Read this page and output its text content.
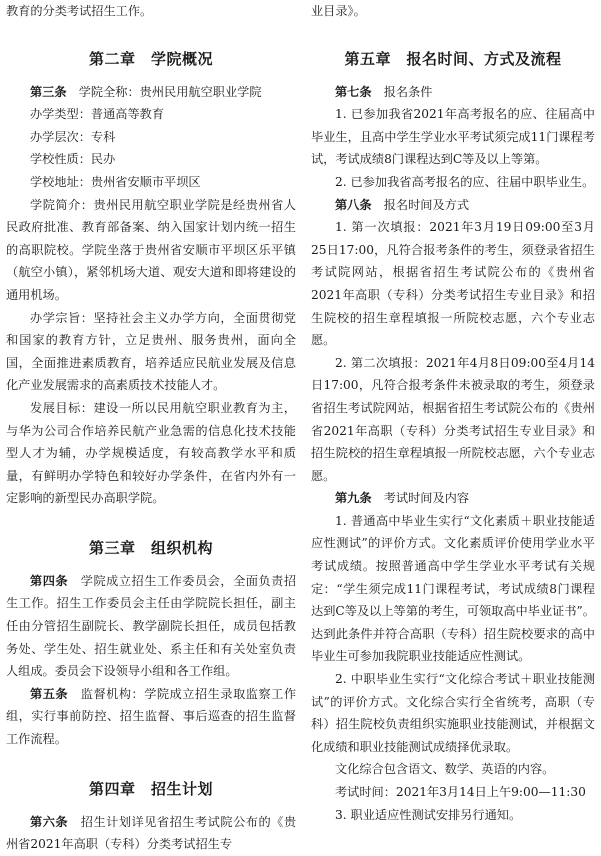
教育的分类考试招生工作。

第二章　学院概况

第三条　 学院全称：贵州民用航空职业学院

办学类型：普通高等教育

办学层次：专科

学校性质：民办

学校地址：贵州省安顺市平坝区

学院简介：贵州民用航空职业学院是经贵州省人民政府批准、教育部备案、纳入国家计划内统一招生的高职院校。学院坐落于贵州省安顺市平坝区乐平镇（航空小镇），紧邻机场大道、观安大道和即将建设的通用机场。

办学宗旨：坚持社会主义办学方向，全面贯彻党和国家的教育方针，立足贵州、服务贵州，面向全国，全面推进素质教育，培养适应民航业发展及信息化产业发展需求的高素质技术技能人才。

发展目标：建设一所以民用航空职业教育为主，与华为公司合作培养民航产业急需的信息化技术技能型人才为辅，办学规模适度，有较高教学水平和质量，有鲜明办学特色和较好办学条件，在省内外有一定影响的新型民办高职学院。

第三章　组织机构

第四条　 学院成立招生工作委员会，全面负责招生工作。招生工作委员会主任由学院院长担任，副主任由分管招生副院长、教学副院长担任，成员包括教务处、学生处、招生就业处、系主任和有关处室负责人组成。委员会下设领导小组和各工作组。

第五条　 监督机构：学院成立招生录取监察工作组，实行事前防控、招生监督、事后巡查的招生监督工作流程。

第四章　招生计划

第六条　 招生计划详见省招生考试院公布的《贵州省2021年高职（专科）分类考试招生专

业目录》。

第五章　报名时间、方式及流程

第七条　 报名条件

1. 已参加我省2021年高考报名的应、往届高中毕业生，且高中学生学业水平考试须完成11门课程考试，考试成绩8门课程达到C等及以上等第。

2. 已参加我省高考报名的应、往届中职毕业生。

第八条　 报名时间及方式

1. 第一次填报：2021年3月19日09:00至3月25日17:00，凡符合报考条件的考生，须登录省招生考试院网站，根据省招生考试院公布的《贵州省2021年高职（专科）分类考试招生专业目录》和招生院校的招生章程填报一所院校志愿，六个专业志愿。

2. 第二次填报：2021年4月8日09:00至4月14日17:00，凡符合报考条件未被录取的考生，须登录省招生考试院网站，根据省招生考试院公布的《贵州省2021年高职（专科）分类考试招生专业目录》和招生院校的招生章程填报一所院校志愿，六个专业志愿。

第九条　 考试时间及内容

1. 普通高中毕业生实行“文化素质＋职业技能适应性测试”的评价方式。文化素质评价使用学业水平考试成绩。按照普通高中学生学业水平考试有关规定：“学生须完成11门课程考试，考试成绩8门课程达到C等及以上等第的考生，可领取高中毕业证书”。达到此条件并符合高职（专科）招生院校要求的高中毕业生可参加我院职业技能适应性测试。

2. 中职毕业生实行“文化综合考试＋职业技能测试”的评价方式。文化综合实行全省统考，高职（专科）招生院校负责组织实施职业技能测试，并根据文化成绩和职业技能测试成绩择优录取。

文化综合包含语文、数学、英语的内容。

考试时间：2021年3月14日上午9:00—11:30

3. 职业适应性测试安排另行通知。
